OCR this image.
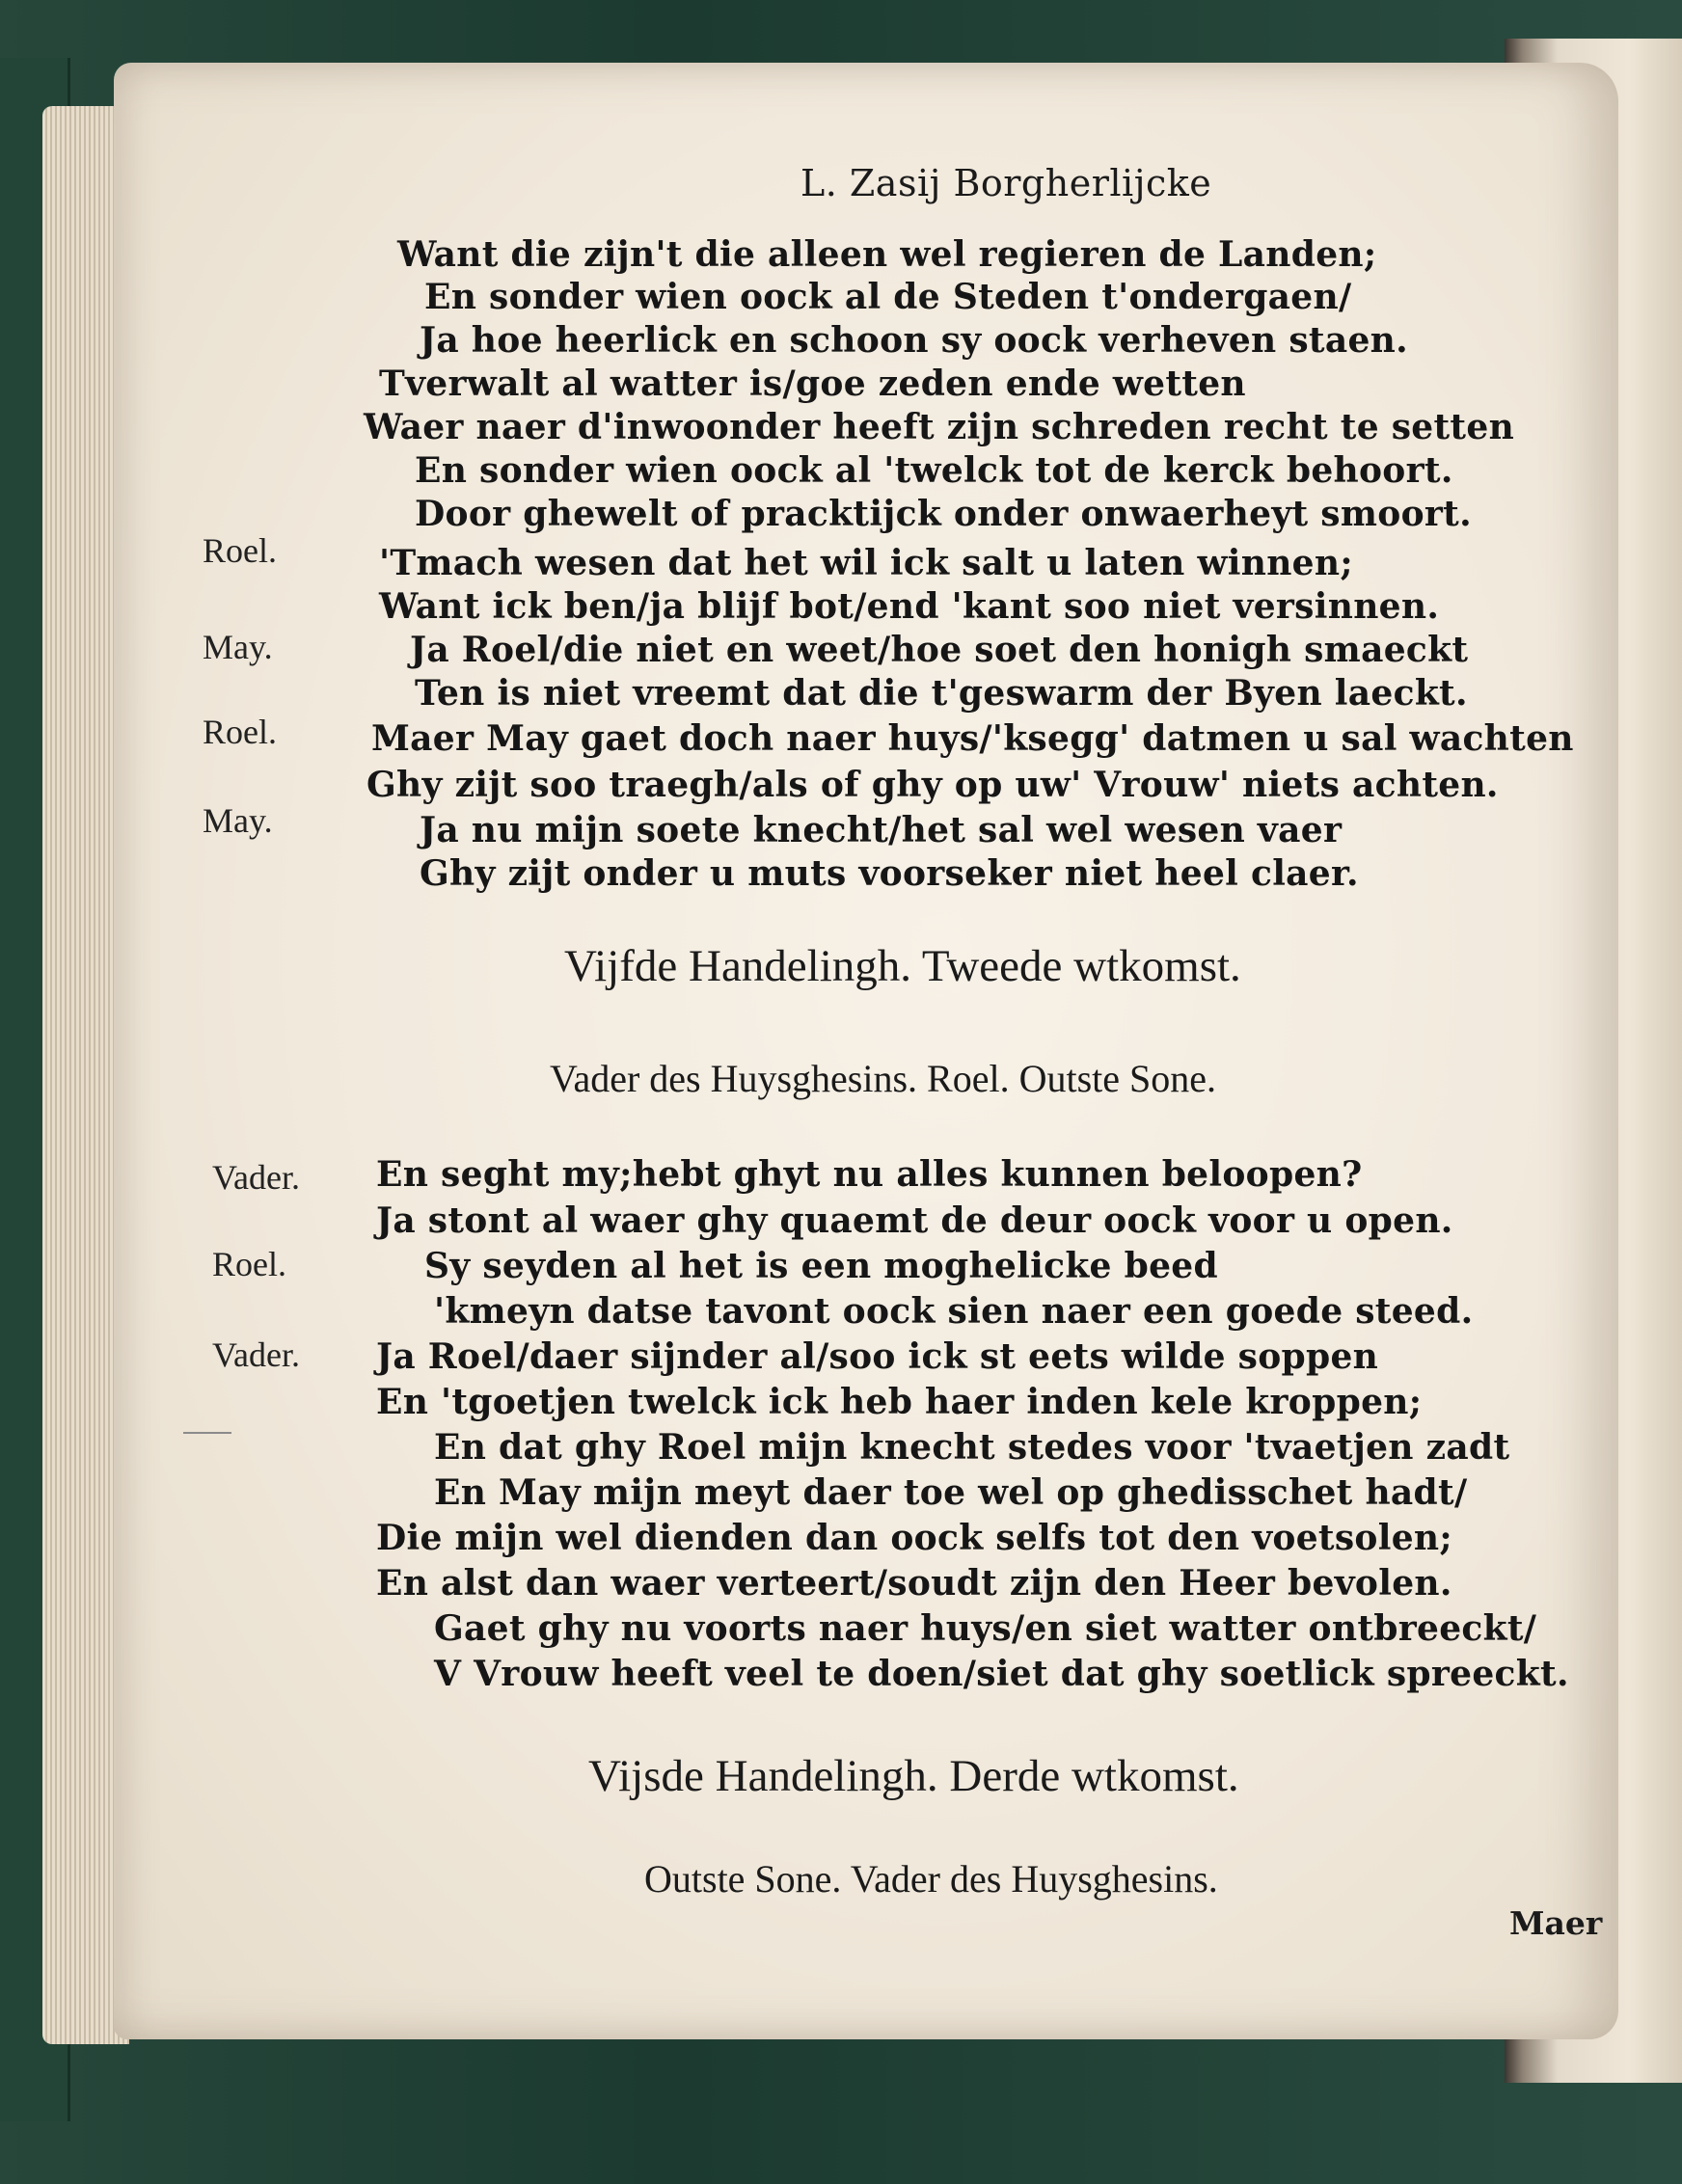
L. Zasij Borgherlijcke
Roel.
May.
Roel.
May.
Want die zijn't die alleen wel regieren de Landen;
En sonder wien oock al de Steden t'ondergaen/
Ja hoe heerlick en schoon sy oock verheven staen.
Tverwalt al watter is/goe zeden ende wetten
Waer naer d'inwoonder heeft zijn schreden recht te setten
En sonder wien oock al 'twelck tot de kerck behoort.
Door ghewelt of pracktijck onder onwaerheyt smoort.
'Tmach wesen dat het wil ick salt u laten winnen;
Want ick ben/ja blijf bot/end 'kant soo niet versinnen.
Ja Roel/die niet en weet/hoe soet den honigh smaeckt
Ten is niet vreemt dat die t'geswarm der Byen laeckt.
Maer May gaet doch naer huys/'ksegg' datmen u sal wachten
Ghy zijt soo traegh/als of ghy op uw' Vrouw' niets achten.
Ja nu mijn soete knecht/het sal wel wesen vaer
Ghy zijt onder u muts voorseker niet heel claer.
Vijfde Handelingh. Tweede wtkomst.
Vader des Huysghesins. Roel. Outste Sone.
Vader.
Roel.
Vader.
En seght my;hebt ghyt nu alles kunnen beloopen?
Ja stont al waer ghy quaemt de deur oock voor u open.
Sy seyden al het is een moghelicke beed
'kmeyn datse tavont oock sien naer een goede steed.
Ja Roel/daer sijnder al/soo ick st eets wilde soppen
En 'tgoetjen twelck ick heb haer inden kele kroppen;
En dat ghy Roel mijn knecht stedes voor 'tvaetjen zadt
En May mijn meyt daer toe wel op ghedisschet hadt/
Die mijn wel dienden dan oock selfs tot den voetsolen;
En alst dan waer verteert/soudt zijn den Heer bevolen.
Gaet ghy nu voorts naer huys/en siet watter ontbreeckt/
V Vrouw heeft veel te doen/siet dat ghy soetlick spreeckt.
Vijsde Handelingh. Derde wtkomst.
Outste Sone. Vader des Huysghesins.
Maer
